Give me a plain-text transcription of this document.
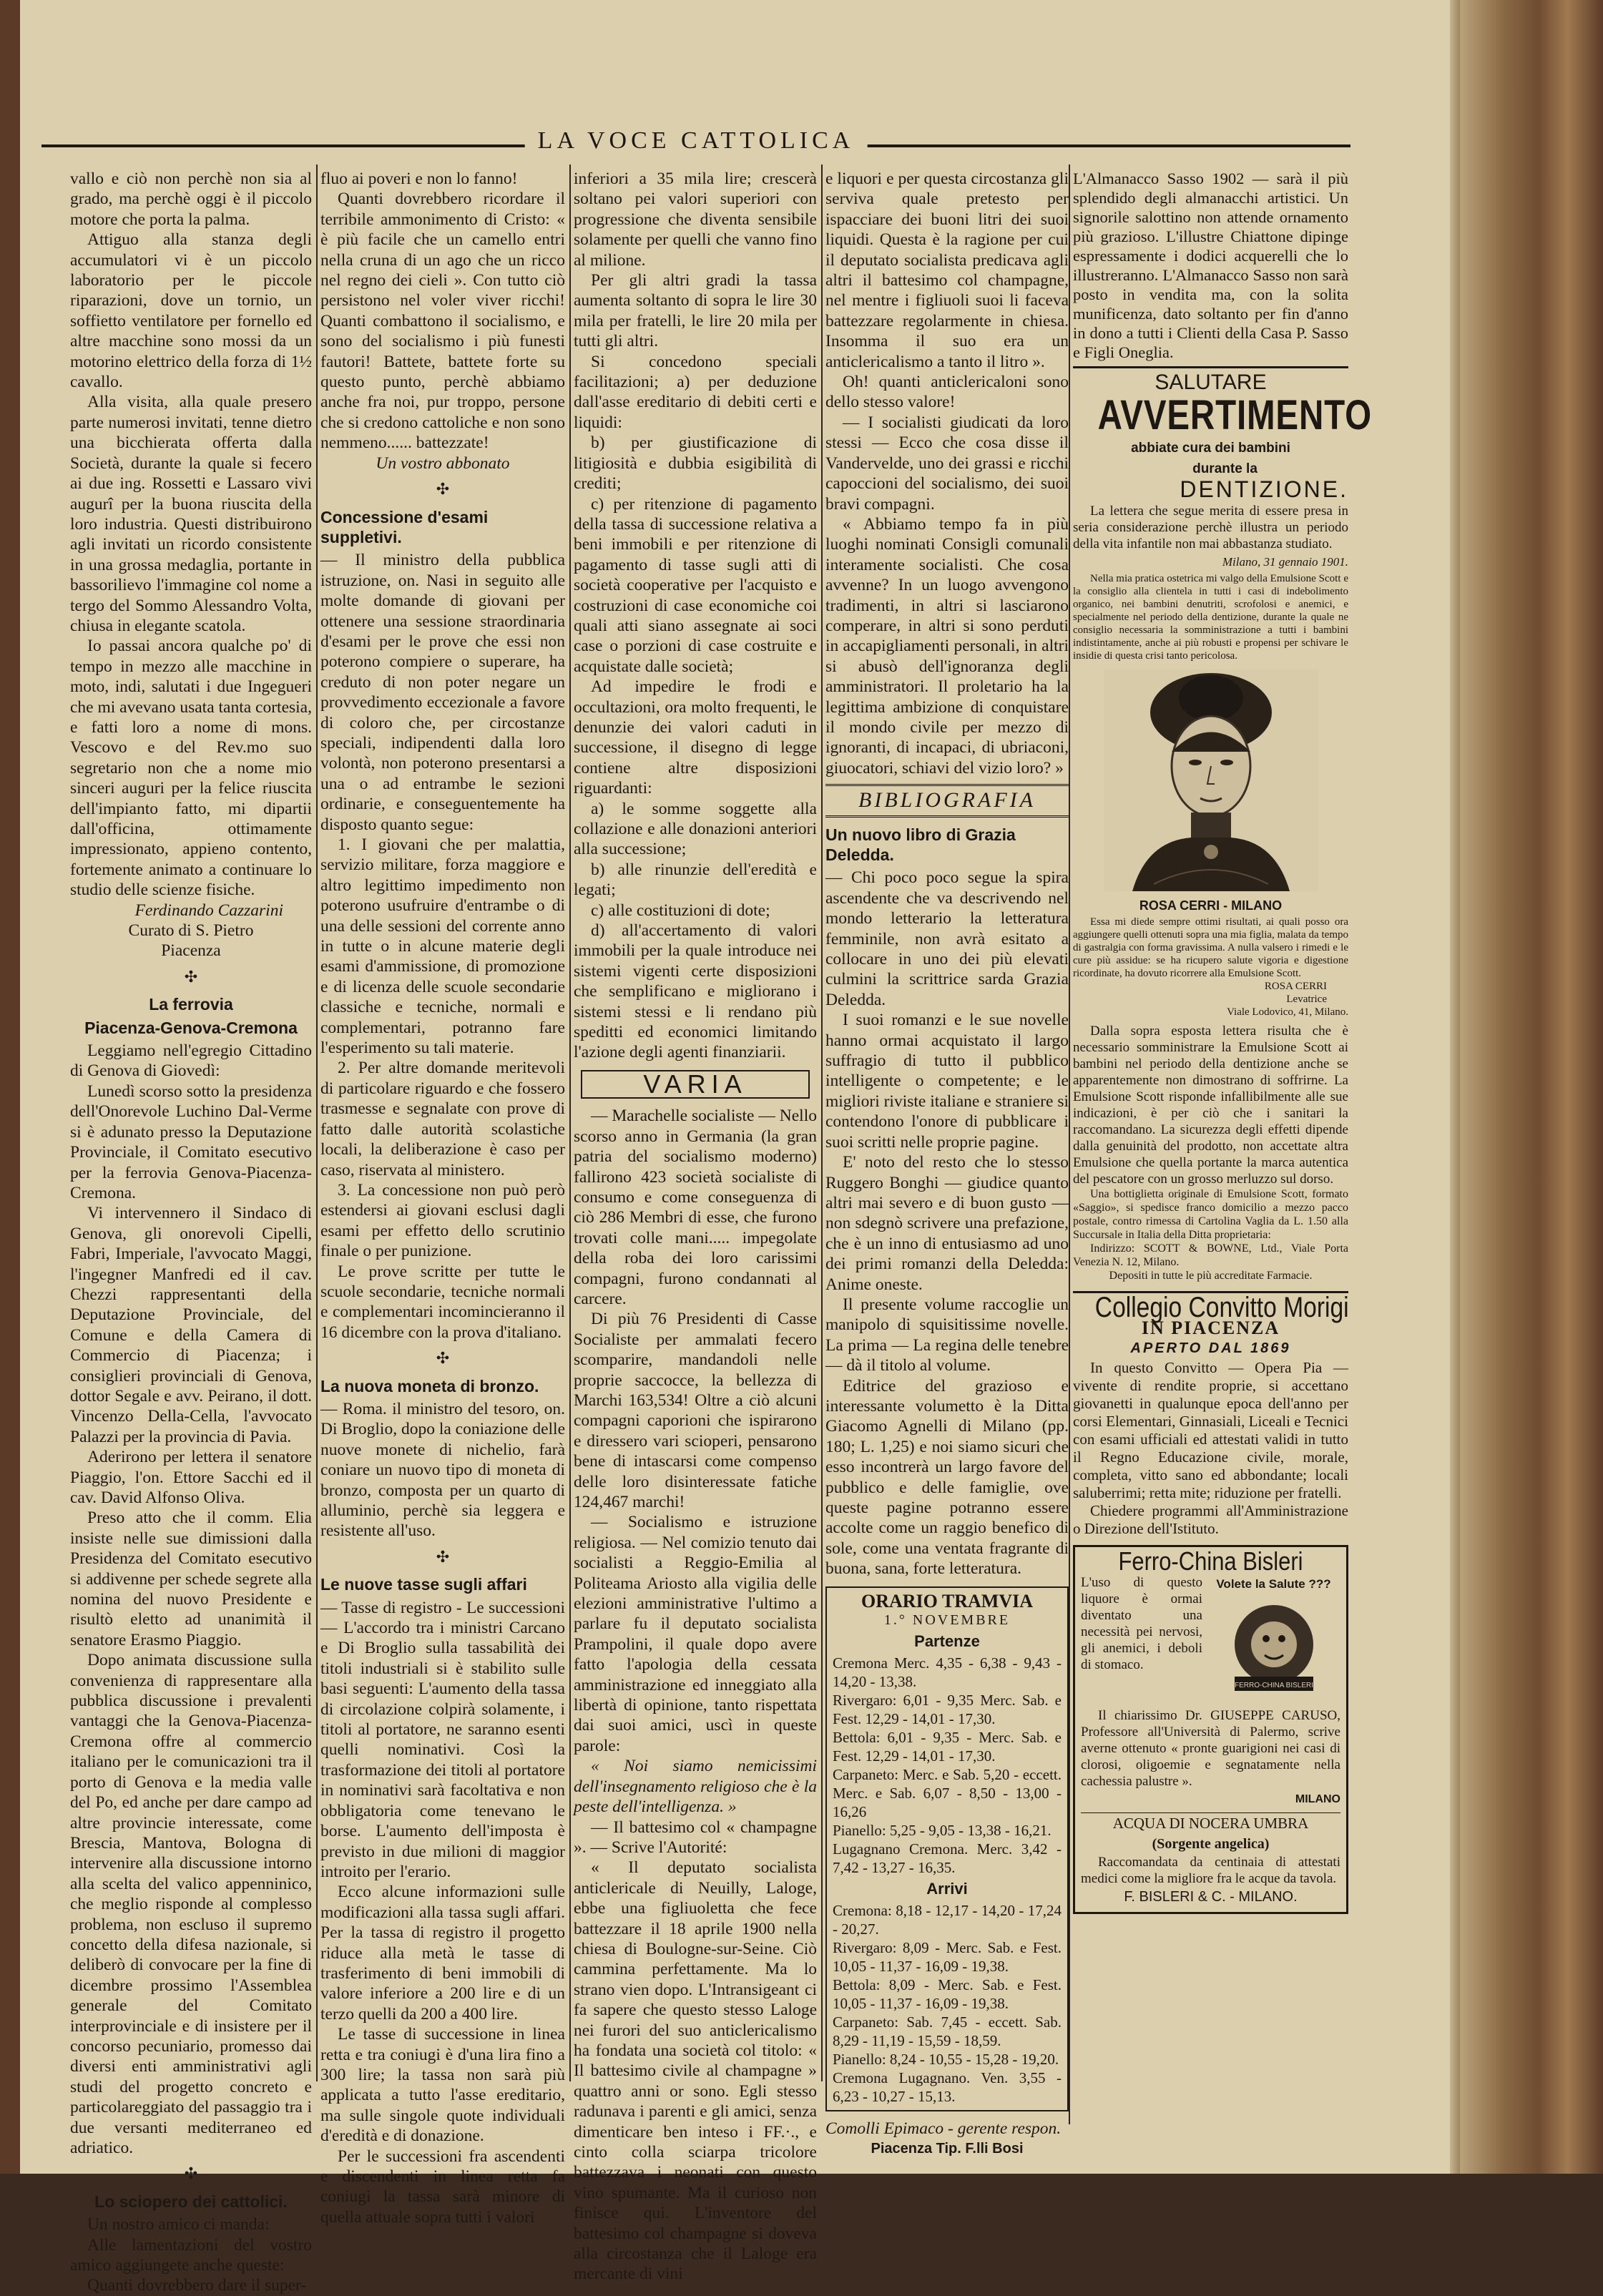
LA VOCE CATTOLICA

vallo e ciò non perchè non sia al grado, ma perchè oggi è il piccolo motore che porta la palma.

Attiguo alla stanza degli accumulatori vi è un piccolo laboratorio per le piccole riparazioni, dove un tornio, un soffietto ventilatore per fornello ed altre macchine sono mossi da un motorino elettrico della forza di 1½ cavallo.

Alla visita, alla quale presero parte numerosi invitati, tenne dietro una bicchierata offerta dalla Società, durante la quale si fecero ai due ing. Rossetti e Lassaro vivi augurî per la buona riuscita della loro industria. Questi distribuirono agli invitati un ricordo consistente in una grossa medaglia, portante in bassorilievo l'immagine col nome a tergo del Sommo Alessandro Volta, chiusa in elegante scatola.

Io passai ancora qualche po' di tempo in mezzo alle macchine in moto, indi, salutati i due Ingegueri che mi avevano usata tanta cortesia, e fatti loro a nome di mons. Vescovo e del Rev.mo suo segretario non che a nome mio sinceri auguri per la felice riuscita dell'impianto fatto, mi dipartii dall'officina, ottimamente impressionato, appieno contento, fortemente animato a continuare lo studio delle scienze fisiche.

Ferdinando Cazzarini
Curato di S. Pietro
Piacenza
✣
La ferrovia
Piacenza-Genova-Cremona

Leggiamo nell'egregio Cittadino di Genova di Giovedì:

Lunedì scorso sotto la presidenza dell'Onorevole Luchino Dal-Verme si è adunato presso la Deputazione Provinciale, il Comitato esecutivo per la ferrovia Genova-Piacenza-Cremona.

Vi intervennero il Sindaco di Genova, gli onorevoli Cipelli, Fabri, Imperiale, l'avvocato Maggi, l'ingegner Manfredi ed il cav. Chezzi rappresentanti della Deputazione Provinciale, del Comune e della Camera di Commercio di Piacenza; i consiglieri provinciali di Genova, dottor Segale e avv. Peirano, il dott. Vincenzo Della-Cella, l'avvocato Palazzi per la provincia di Pavia.

Aderirono per lettera il senatore Piaggio, l'on. Ettore Sacchi ed il cav. David Alfonso Oliva.

Preso atto che il comm. Elia insiste nelle sue dimissioni dalla Presidenza del Comitato esecutivo si addivenne per schede segrete alla nomina del nuovo Presidente e risultò eletto ad unanimità il senatore Erasmo Piaggio.

Dopo animata discussione sulla convenienza di rappresentare alla pubblica discussione i prevalenti vantaggi che la Genova-Piacenza-Cremona offre al commercio italiano per le comunicazioni tra il porto di Genova e la media valle del Po, ed anche per dare campo ad altre provincie interessate, come Brescia, Mantova, Bologna di intervenire alla discussione intorno alla scelta del valico appenninico, che meglio risponde al complesso problema, non escluso il supremo concetto della difesa nazionale, si deliberò di convocare per la fine di dicembre prossimo l'Assemblea generale del Comitato interprovinciale e di insistere per il concorso pecuniario, promesso dai diversi enti amministrativi agli studi del progetto concreto e particolareggiato del passaggio tra i due versanti mediterraneo ed adriatico.

✣
Lo sciopero dei cattolici.

Un nostro amico ci manda:

Alle lamentazioni del vostro amico aggiungete anche queste:

Quanti dovrebbero dare il super-

fluo ai poveri e non lo fanno!

Quanti dovrebbero ricordare il terribile ammonimento di Cristo: « è più facile che un camello entri nella cruna di un ago che un ricco nel regno dei cieli ». Con tutto ciò persistono nel voler viver ricchi! Quanti combattono il socialismo, e sono del socialismo i più funesti fautori! Battete, battete forte su questo punto, perchè abbiamo anche fra noi, pur troppo, persone che si credono cattoliche e non sono nemmeno...... battezzate!

Un vostro abbonato
✣
Concessione d'esami suppletivi.

— Il ministro della pubblica istruzione, on. Nasi in seguito alle molte domande di giovani per ottenere una sessione straordinaria d'esami per le prove che essi non poterono compiere o superare, ha creduto di non poter negare un provvedimento eccezionale a favore di coloro che, per circostanze speciali, indipendenti dalla loro volontà, non poterono presentarsi a una o ad entrambe le sezioni ordinarie, e conseguentemente ha disposto quanto segue:

1. I giovani che per malattia, servizio militare, forza maggiore e altro legittimo impedimento non poterono usufruire d'entrambe o di una delle sessioni del corrente anno in tutte o in alcune materie degli esami d'ammissione, di promozione e di licenza delle scuole secondarie classiche e tecniche, normali e complementari, potranno fare l'esperimento su tali materie.

2. Per altre domande meritevoli di particolare riguardo e che fossero trasmesse e segnalate con prove di fatto dalle autorità scolastiche locali, la deliberazione è caso per caso, riservata al ministero.

3. La concessione non può però estendersi ai giovani esclusi dagli esami per effetto dello scrutinio finale o per punizione.

Le prove scritte per tutte le scuole secondarie, tecniche normali e complementari incomincieranno il 16 dicembre con la prova d'italiano.

✣
La nuova moneta di bronzo.

— Roma. il ministro del tesoro, on. Di Broglio, dopo la coniazione delle nuove monete di nichelio, farà coniare un nuovo tipo di moneta di bronzo, composta per un quarto di alluminio, perchè sia leggera e resistente all'uso.

✣
Le nuove tasse sugli affari

— Tasse di registro - Le successioni — L'accordo tra i ministri Carcano e Di Broglio sulla tassabilità dei titoli industriali si è stabilito sulle basi seguenti: L'aumento della tassa di circolazione colpirà solamente, i titoli al portatore, ne saranno esenti quelli nominativi. Così la trasformazione dei titoli al portatore in nominativi sarà facoltativa e non obbligatoria come tenevano le borse. L'aumento dell'imposta è previsto in due milioni di maggior introito per l'erario.

Ecco alcune informazioni sulle modificazioni alla tassa sugli affari. Per la tassa di registro il progetto riduce alla metà le tasse di trasferimento di beni immobili di valore inferiore a 200 lire e di un terzo quelli da 200 a 400 lire.

Le tasse di successione in linea retta e tra coniugi è d'una lira fino a 300 lire; la tassa non sarà più applicata a tutto l'asse ereditario, ma sulle singole quote individuali d'eredità e di donazione.

Per le successioni fra ascendenti e discendenti in linea retta fa coniugi la tassa sarà minore di quella attuale sopra tutti i valori

inferiori a 35 mila lire; crescerà soltano pei valori superiori con progressione che diventa sensibile solamente per quelli che vanno fino al milione.

Per gli altri gradi la tassa aumenta soltanto di sopra le lire 30 mila per fratelli, le lire 20 mila per tutti gli altri.

Si concedono speciali facilitazioni; a) per deduzione dall'asse ereditario di debiti certi e liquidi:

b) per giustificazione di litigiosità e dubbia esigibilità di crediti;

c) per ritenzione di pagamento della tassa di successione relativa a beni immobili e per ritenzione di pagamento di tasse sugli atti di società cooperative per l'acquisto e costruzioni di case economiche coi quali atti siano assegnate ai soci case o porzioni di case costruite e acquistate dalle società;

Ad impedire le frodi e occultazioni, ora molto frequenti, le denunzie dei valori caduti in successione, il disegno di legge contiene altre disposizioni riguardanti:

a) le somme soggette alla collazione e alle donazioni anteriori alla successione;

b) alle rinunzie dell'eredità e legati;

c) alle costituzioni di dote;

d) all'accertamento di valori immobili per la quale introduce nei sistemi vigenti certe disposizioni che semplificano e migliorano i sistemi stessi e li rendano più speditti ed economici limitando l'azione degli agenti finanziarii.

VARIA

— Marachelle socialiste — Nello scorso anno in Germania (la gran patria del socialismo moderno) fallirono 423 società socialiste di consumo e come conseguenza di ciò 286 Membri di esse, che furono trovati colle mani..... impegolate della roba dei loro carissimi compagni, furono condannati al carcere.

Di più 76 Presidenti di Casse Socialiste per ammalati fecero scomparire, mandandoli nelle proprie saccocce, la bellezza di Marchi 163,534! Oltre a ciò alcuni compagni caporioni che ispirarono e diressero vari scioperi, pensarono bene di intascarsi come compenso delle loro disinteressate fatiche 124,467 marchi!

— Socialismo e istruzione religiosa. — Nel comizio tenuto dai socialisti a Reggio-Emilia al Politeama Ariosto alla vigilia delle elezioni amministrative l'ultimo a parlare fu il deputato socialista Prampolini, il quale dopo avere fatto l'apologia della cessata amministrazione ed inneggiato alla libertà di opinione, tanto rispettata dai suoi amici, uscì in queste parole:

« Noi siamo nemicissimi dell'insegnamento religioso che è la peste dell'intelligenza. »

— Il battesimo col « champagne ». — Scrive l'Autorité:

« Il deputato socialista anticlericale di Neuilly, Laloge, ebbe una figliuoletta che fece battezzare il 18 aprile 1900 nella chiesa di Boulogne-sur-Seine. Ciò cammina perfettamente. Ma lo strano vien dopo. L'Intransigeant ci fa sapere che questo stesso Laloge nei furori del suo anticlericalismo ha fondata una società col titolo: « Il battesimo civile al champagne » quattro anni or sono. Egli stesso radunava i parenti e gli amici, senza dimenticare ben inteso i FF.·., e cinto colla sciarpa tricolore battezzava i neonati con questo vino spumante. Ma il curioso non finisce qui. L'inventore del battesimo col champagne si doveva alla circostanza che il Laloge era mercante di vini

e liquori e per questa circostanza gli serviva quale pretesto per ispacciare dei buoni litri dei suoi liquidi. Questa è la ragione per cui il deputato socialista predicava agli altri il battesimo col champagne, nel mentre i figliuoli suoi li faceva battezzare regolarmente in chiesa. Insomma il suo era un anticlericalismo a tanto il litro ».

Oh! quanti anticlericaloni sono dello stesso valore!

— I socialisti giudicati da loro stessi — Ecco che cosa disse il Vandervelde, uno dei grassi e ricchi capoccioni del socialismo, dei suoi bravi compagni.

« Abbiamo tempo fa in più luoghi nominati Consigli comunali interamente socialisti. Che cosa avvenne? In un luogo avvengono tradimenti, in altri si lasciarono comperare, in altri si sono perduti in accapigliamenti personali, in altri si abusò dell'ignoranza degli amministratori. Il proletario ha la legittima ambizione di conquistare il mondo civile per mezzo di ignoranti, di incapaci, di ubriaconi, giuocatori, schiavi del vizio loro? »

BIBLIOGRAFIA
Un nuovo libro di Grazia Deledda.

— Chi poco poco segue la spira ascendente che va descrivendo nel mondo letterario la letteratura femminile, non avrà esitato a collocare in uno dei più elevati culmini la scrittrice sarda Grazia Deledda.

I suoi romanzi e le sue novelle hanno ormai acquistato il largo suffragio di tutto il pubblico intelligente o competente; e le migliori riviste italiane e straniere si contendono l'onore di pubblicare i suoi scritti nelle proprie pagine.

E' noto del resto che lo stesso Ruggero Bonghi — giudice quanto altri mai severo e di buon gusto — non sdegnò scrivere una prefazione, che è un inno di entusiasmo ad uno dei primi romanzi della Deledda: Anime oneste.

Il presente volume raccoglie un manipolo di squisitissime novelle. La prima — La regina delle tenebre — dà il titolo al volume.

Editrice del grazioso e interessante volumetto è la Ditta Giacomo Agnelli di Milano (pp. 180; L. 1,25) e noi siamo sicuri che esso incontrerà un largo favore del pubblico e delle famiglie, ove queste pagine potranno essere accolte come un raggio benefico di sole, come una ventata fragrante di buona, sana, forte letteratura.

ORARIO TRAMVIA
1.° NOVEMBRE
Partenze
Cremona Merc. 4,35 - 6,38 - 9,43 - 14,20 - 13,38.
Rivergaro: 6,01 - 9,35 Merc. Sab. e Fest. 12,29 - 14,01 - 17,30.
Bettola: 6,01 - 9,35 - Merc. Sab. e Fest. 12,29 - 14,01 - 17,30.
Carpaneto: Merc. e Sab. 5,20 - eccett. Merc. e Sab. 6,07 - 8,50 - 13,00 - 16,26
Pianello: 5,25 - 9,05 - 13,38 - 16,21.
Lugagnano Cremona. Merc. 3,42 - 7,42 - 13,27 - 16,35.
Arrivi
Cremona: 8,18 - 12,17 - 14,20 - 17,24 - 20,27.
Rivergaro: 8,09 - Merc. Sab. e Fest. 10,05 - 11,37 - 16,09 - 19,38.
Bettola: 8,09 - Merc. Sab. e Fest. 10,05 - 11,37 - 16,09 - 19,38.
Carpaneto: Sab. 7,45 - eccett. Sab. 8,29 - 11,19 - 15,59 - 18,59.
Pianello: 8,24 - 10,55 - 15,28 - 19,20.
Cremona Lugagnano. Ven. 3,55 - 6,23 - 10,27 - 15,13.
Comolli Epimaco - gerente respon.
Piacenza Tip. F.lli Bosi

L'Almanacco Sasso 1902 — sarà il più splendido degli almanacchi artistici. Un signorile salottino non attende ornamento più grazioso. L'illustre Chiattone dipinge espressamente i dodici acquerelli che lo illustreranno. L'Almanacco Sasso non sarà posto in vendita ma, con la solita munificenza, dato soltanto per fin d'anno in dono a tutti i Clienti della Casa P. Sasso e Figli Oneglia.

SALUTARE
AVVERTIMENTO
abbiate cura dei bambini
durante la
DENTIZIONE.

La lettera che segue merita di essere presa in seria considerazione perchè illustra un periodo della vita infantile non mai abbastanza studiato.

Milano, 31 gennaio 1901.

Nella mia pratica ostetrica mi valgo della Emulsione Scott e la consiglio alla clientela in tutti i casi di indebolimento organico, nei bambini denutriti, scrofolosi e anemici, e specialmente nel periodo della dentizione, durante la quale ne consiglio necessaria la somministrazione a tutti i bambini indistintamente, anche ai più robusti e propensi per schivare le insidie di questa crisi tanto pericolosa.

ROSA CERRI - MILANO

Essa mi diede sempre ottimi risultati, ai quali posso ora aggiungere quelli ottenuti sopra una mia figlia, malata da tempo di gastralgia con forma gravissima. A nulla valsero i rimedi e le cure più assidue: se ha ricupero salute vigoria e digestione ricordinate, ha dovuto ricorrere alla Emulsione Scott.

ROSA CERRI
Levatrice
Viale Lodovico, 41, Milano.

Dalla sopra esposta lettera risulta che è necessario somministrare la Emulsione Scott ai bambini nel periodo della dentizione anche se apparentemente non dimostrano di soffrirne. La Emulsione Scott risponde infallibilmente alle sue indicazioni, è per ciò che i sanitari la raccomandano. La sicurezza degli effetti dipende dalla genuinità del prodotto, non accettate altra Emulsione che quella portante la marca autentica del pescatore con un grosso merluzzo sul dorso.

Una bottiglietta originale di Emulsione Scott, formato «Saggio», si spedisce franco domicilio a mezzo pacco postale, contro rimessa di Cartolina Vaglia da L. 1.50 alla Succursale in Italia della Ditta proprietaria:

Indirizzo: SCOTT & BOWNE, Ltd., Viale Porta Venezia N. 12, Milano.

Depositi in tutte le più accreditate Farmacie.
Collegio Convitto Morigi
IN PIACENZA
APERTO DAL 1869

In questo Convitto — Opera Pia — vivente di rendite proprie, si accettano giovanetti in qualunque epoca dell'anno per corsi Elementari, Ginnasiali, Liceali e Tecnici con esami ufficiali ed attestati validi in tutto il Regno Educazione civile, morale, completa, vitto sano ed abbondante; locali saluberrimi; retta mite; riduzione per fratelli.

Chiedere programmi all'Amministrazione o Direzione dell'Istituto.

Ferro-China Bisleri
L'uso di questo liquore è ormai diventato una necessità pei nervosi, gli anemici, i deboli di stomaco.
Volete la Salute ???
FERRO-CHINA BISLERI

Il chiarissimo Dr. GIUSEPPE CARUSO, Professore all'Università di Palermo, scrive averne ottenuto « pronte guarigioni nei casi di clorosi, oligoemie e segnatamente nella cachessia palustre ».

MILANO
ACQUA DI NOCERA UMBRA
(Sorgente angelica)

Raccomandata da centinaia di attestati medici come la migliore fra le acque da tavola.

F. BISLERI & C. - MILANO.
